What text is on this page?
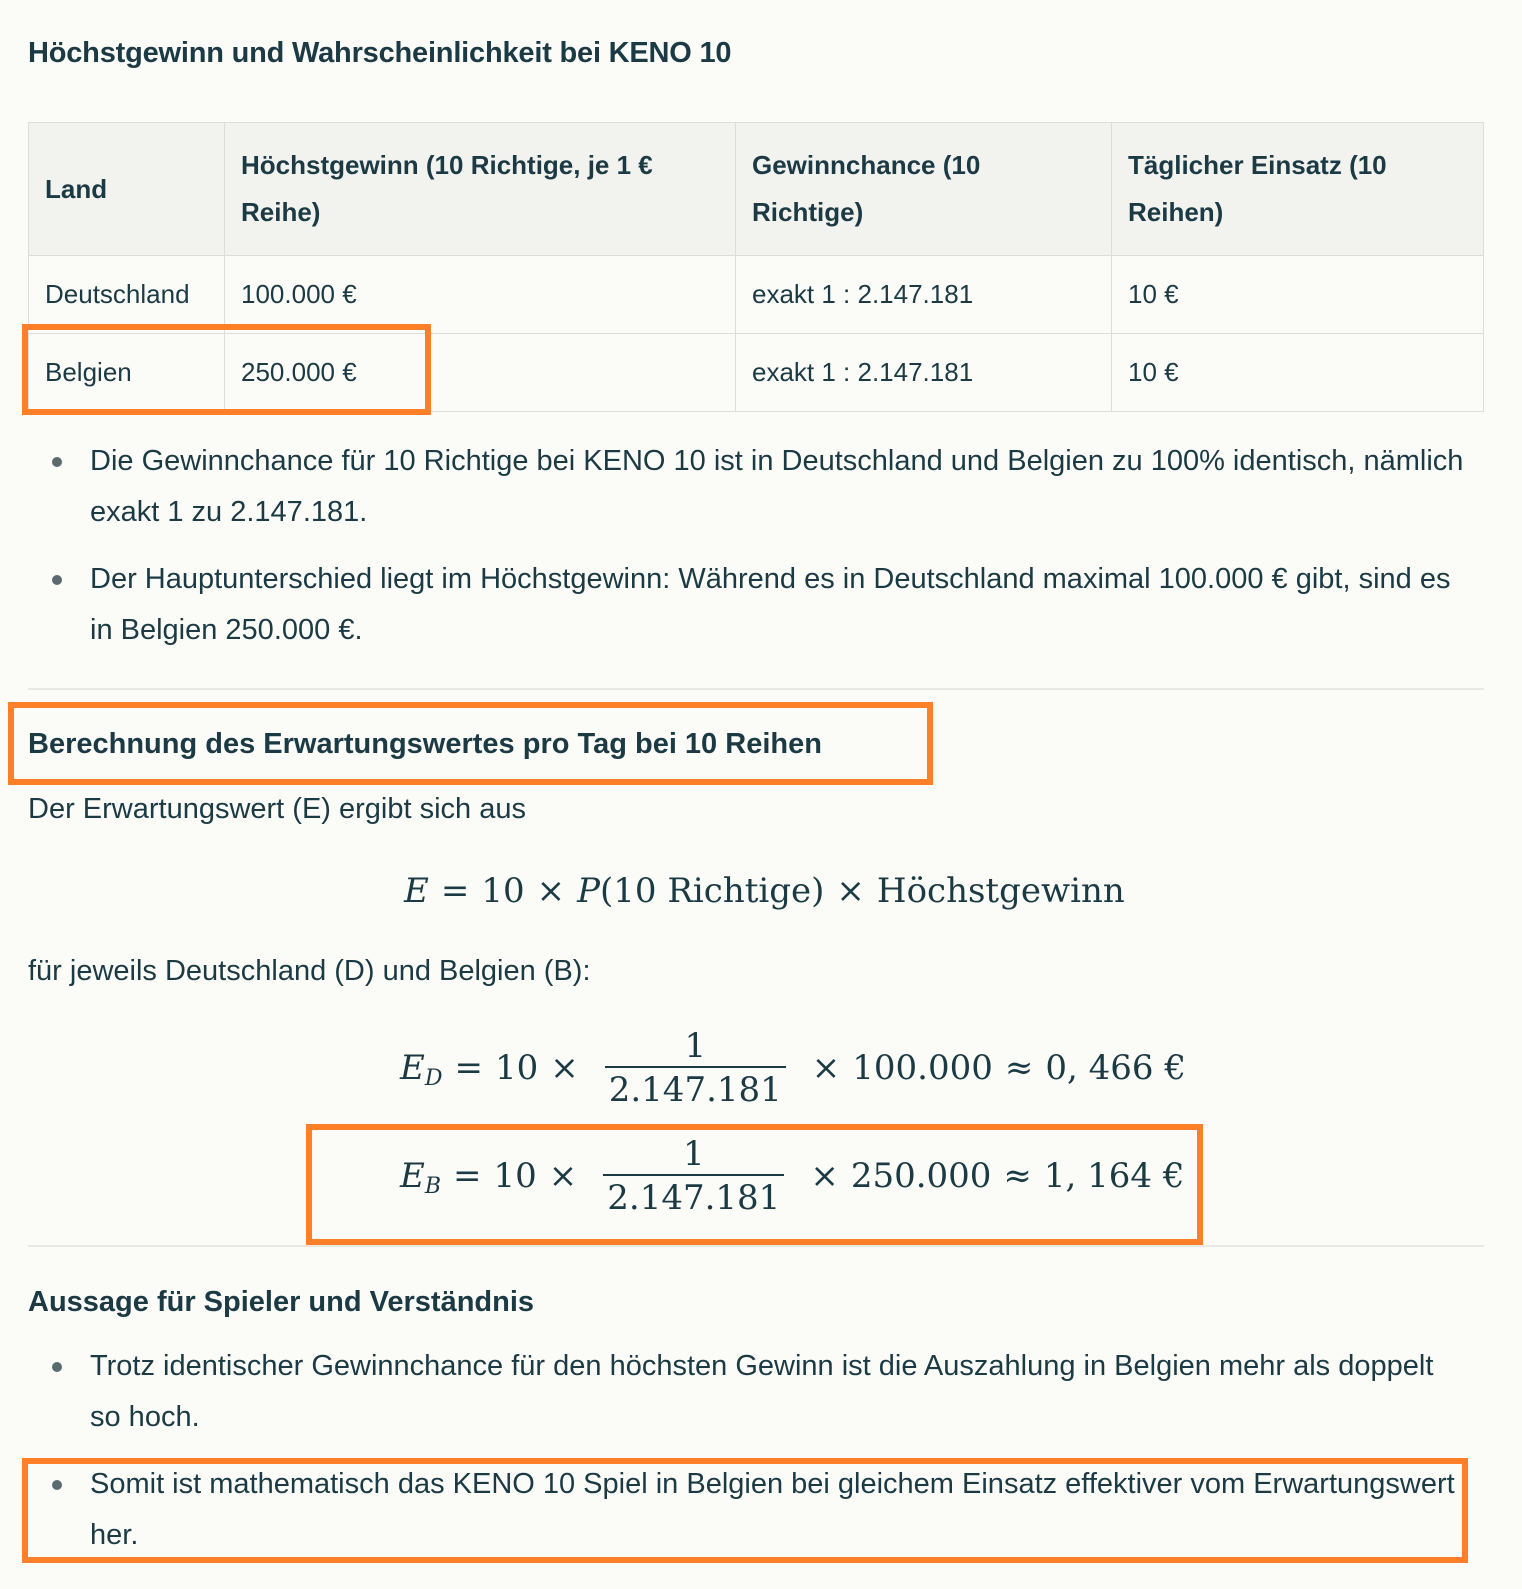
Höchstgewinn und Wahrscheinlichkeit bei KENO 10
Land	Höchstgewinn (10 Richtige, je 1 € Reihe)	Gewinnchance (10 Richtige)	Täglicher Einsatz (10 Reihen)
Deutschland	100.000 €	exakt 1 : 2.147.181	10 €
Belgien	250.000 €	exakt 1 : 2.147.181	10 €
Die Gewinnchance für 10 Richtige bei KENO 10 ist in Deutschland und Belgien zu 100% identisch, nämlich exakt 1 zu 2.147.181.
Der Hauptunterschied liegt im Höchstgewinn: Während es in Deutschland maximal 100.000 € gibt, sind es in Belgien 250.000 €.
Berechnung des Erwartungswertes pro Tag bei 10 Reihen

Der Erwartungswert (E) ergibt sich aus

E = 10 × P (10 Richtige) × Höchstgewinn

für jeweils Deutschland (D) und Belgien (B):

E $D = 10 \times \frac{1}{2.147.181} \times 100.000 \approx 0$, 466 €
E $B = 10 \times \frac{1}{2.147.181} \times 250.000 \approx 1$, 164 €
Aussage für Spieler und Verständnis
Trotz identischer Gewinnchance für den höchsten Gewinn ist die Auszahlung in Belgien mehr als doppelt so hoch.
Somit ist mathematisch das KENO 10 Spiel in Belgien bei gleichem Einsatz effektiver vom Erwartungswert her.
